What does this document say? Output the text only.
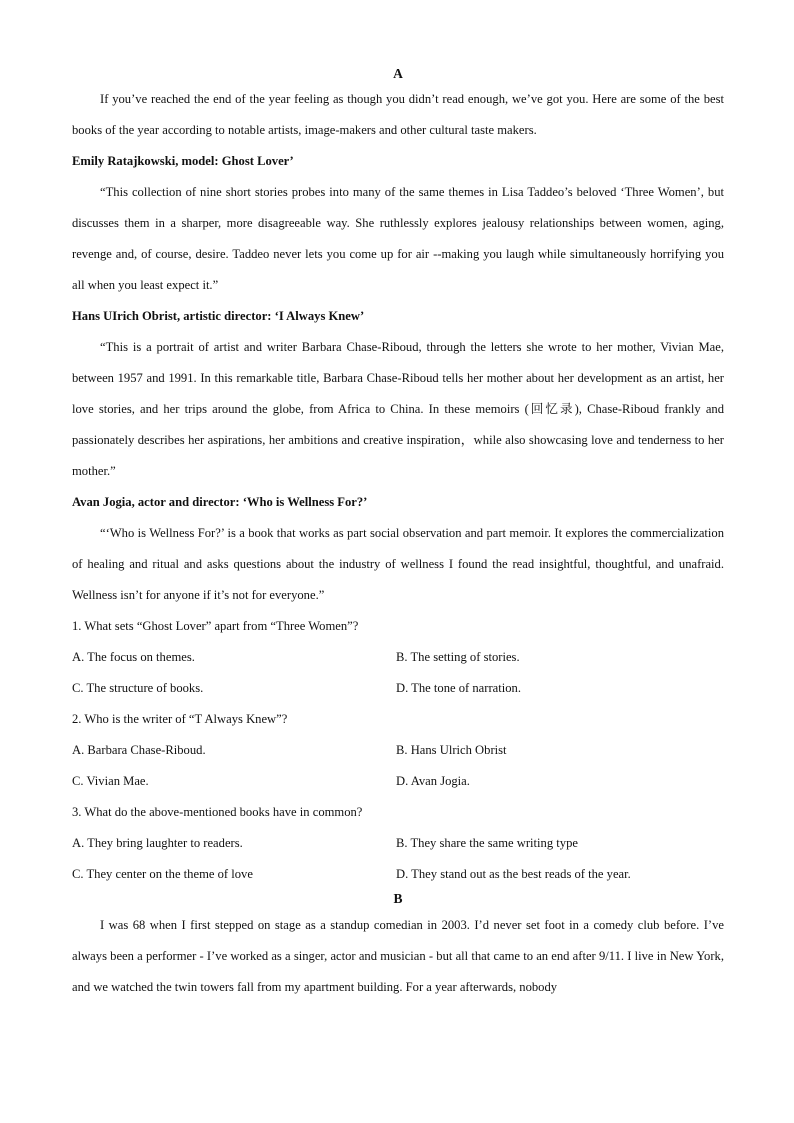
A

If you’ve reached the end of the year feeling as though you didn’t read enough, we’ve got you. Here are some of the best books of the year according to notable artists, image-makers and other cultural taste makers.

Emily Ratajkowski, model: Ghost Lover’

“This collection of nine short stories probes into many of the same themes in Lisa Taddeo’s beloved ‘Three Women’, but discusses them in a sharper, more disagreeable way. She ruthlessly explores jealousy relationships between women, aging, revenge and, of course, desire. Taddeo never lets you come up for air --making you laugh while simultaneously horrifying you all when you least expect it.”

Hans UIrich Obrist, artistic director: ‘I Always Knew’

“This is a portrait of artist and writer Barbara Chase-Riboud, through the letters she wrote to her mother, Vivian Mae, between 1957 and 1991. In this remarkable title, Barbara Chase-Riboud tells her mother about her development as an artist, her love stories, and her trips around the globe, from Africa to China. In these memoirs (回忆录), Chase-Riboud frankly and passionately describes her aspirations, her ambitions and creative inspiration，while also showcasing love and tenderness to her mother.”

Avan Jogia, actor and director: ‘Who is Wellness For?’

“‘Who is Wellness For?’ is a book that works as part social observation and part memoir. It explores the commercialization of healing and ritual and asks questions about the industry of wellness I found the read insightful, thoughtful, and unafraid. Wellness isn’t for anyone if it’s not for everyone.”

1. What sets “Ghost Lover” apart from “Three Women”?

A. The focus on themes.	B. The setting of stories.
C. The structure of books.	D. The tone of narration.

2. Who is the writer of “T Always Knew”?

A. Barbara Chase-Riboud.	B. Hans Ulrich Obrist
C. Vivian Mae.	D. Avan Jogia.

3. What do the above-mentioned books have in common?

A. They bring laughter to readers.	B. They share the same writing type
C. They center on the theme of love	D. They stand out as the best reads of the year.

B

I was 68 when I first stepped on stage as a standup comedian in 2003. I’d never set foot in a comedy club before. I’ve always been a performer - I’ve worked as a singer, actor and musician - but all that came to an end after 9/11. I live in New York, and we watched the twin towers fall from my apartment building. For a year afterwards, nobody
